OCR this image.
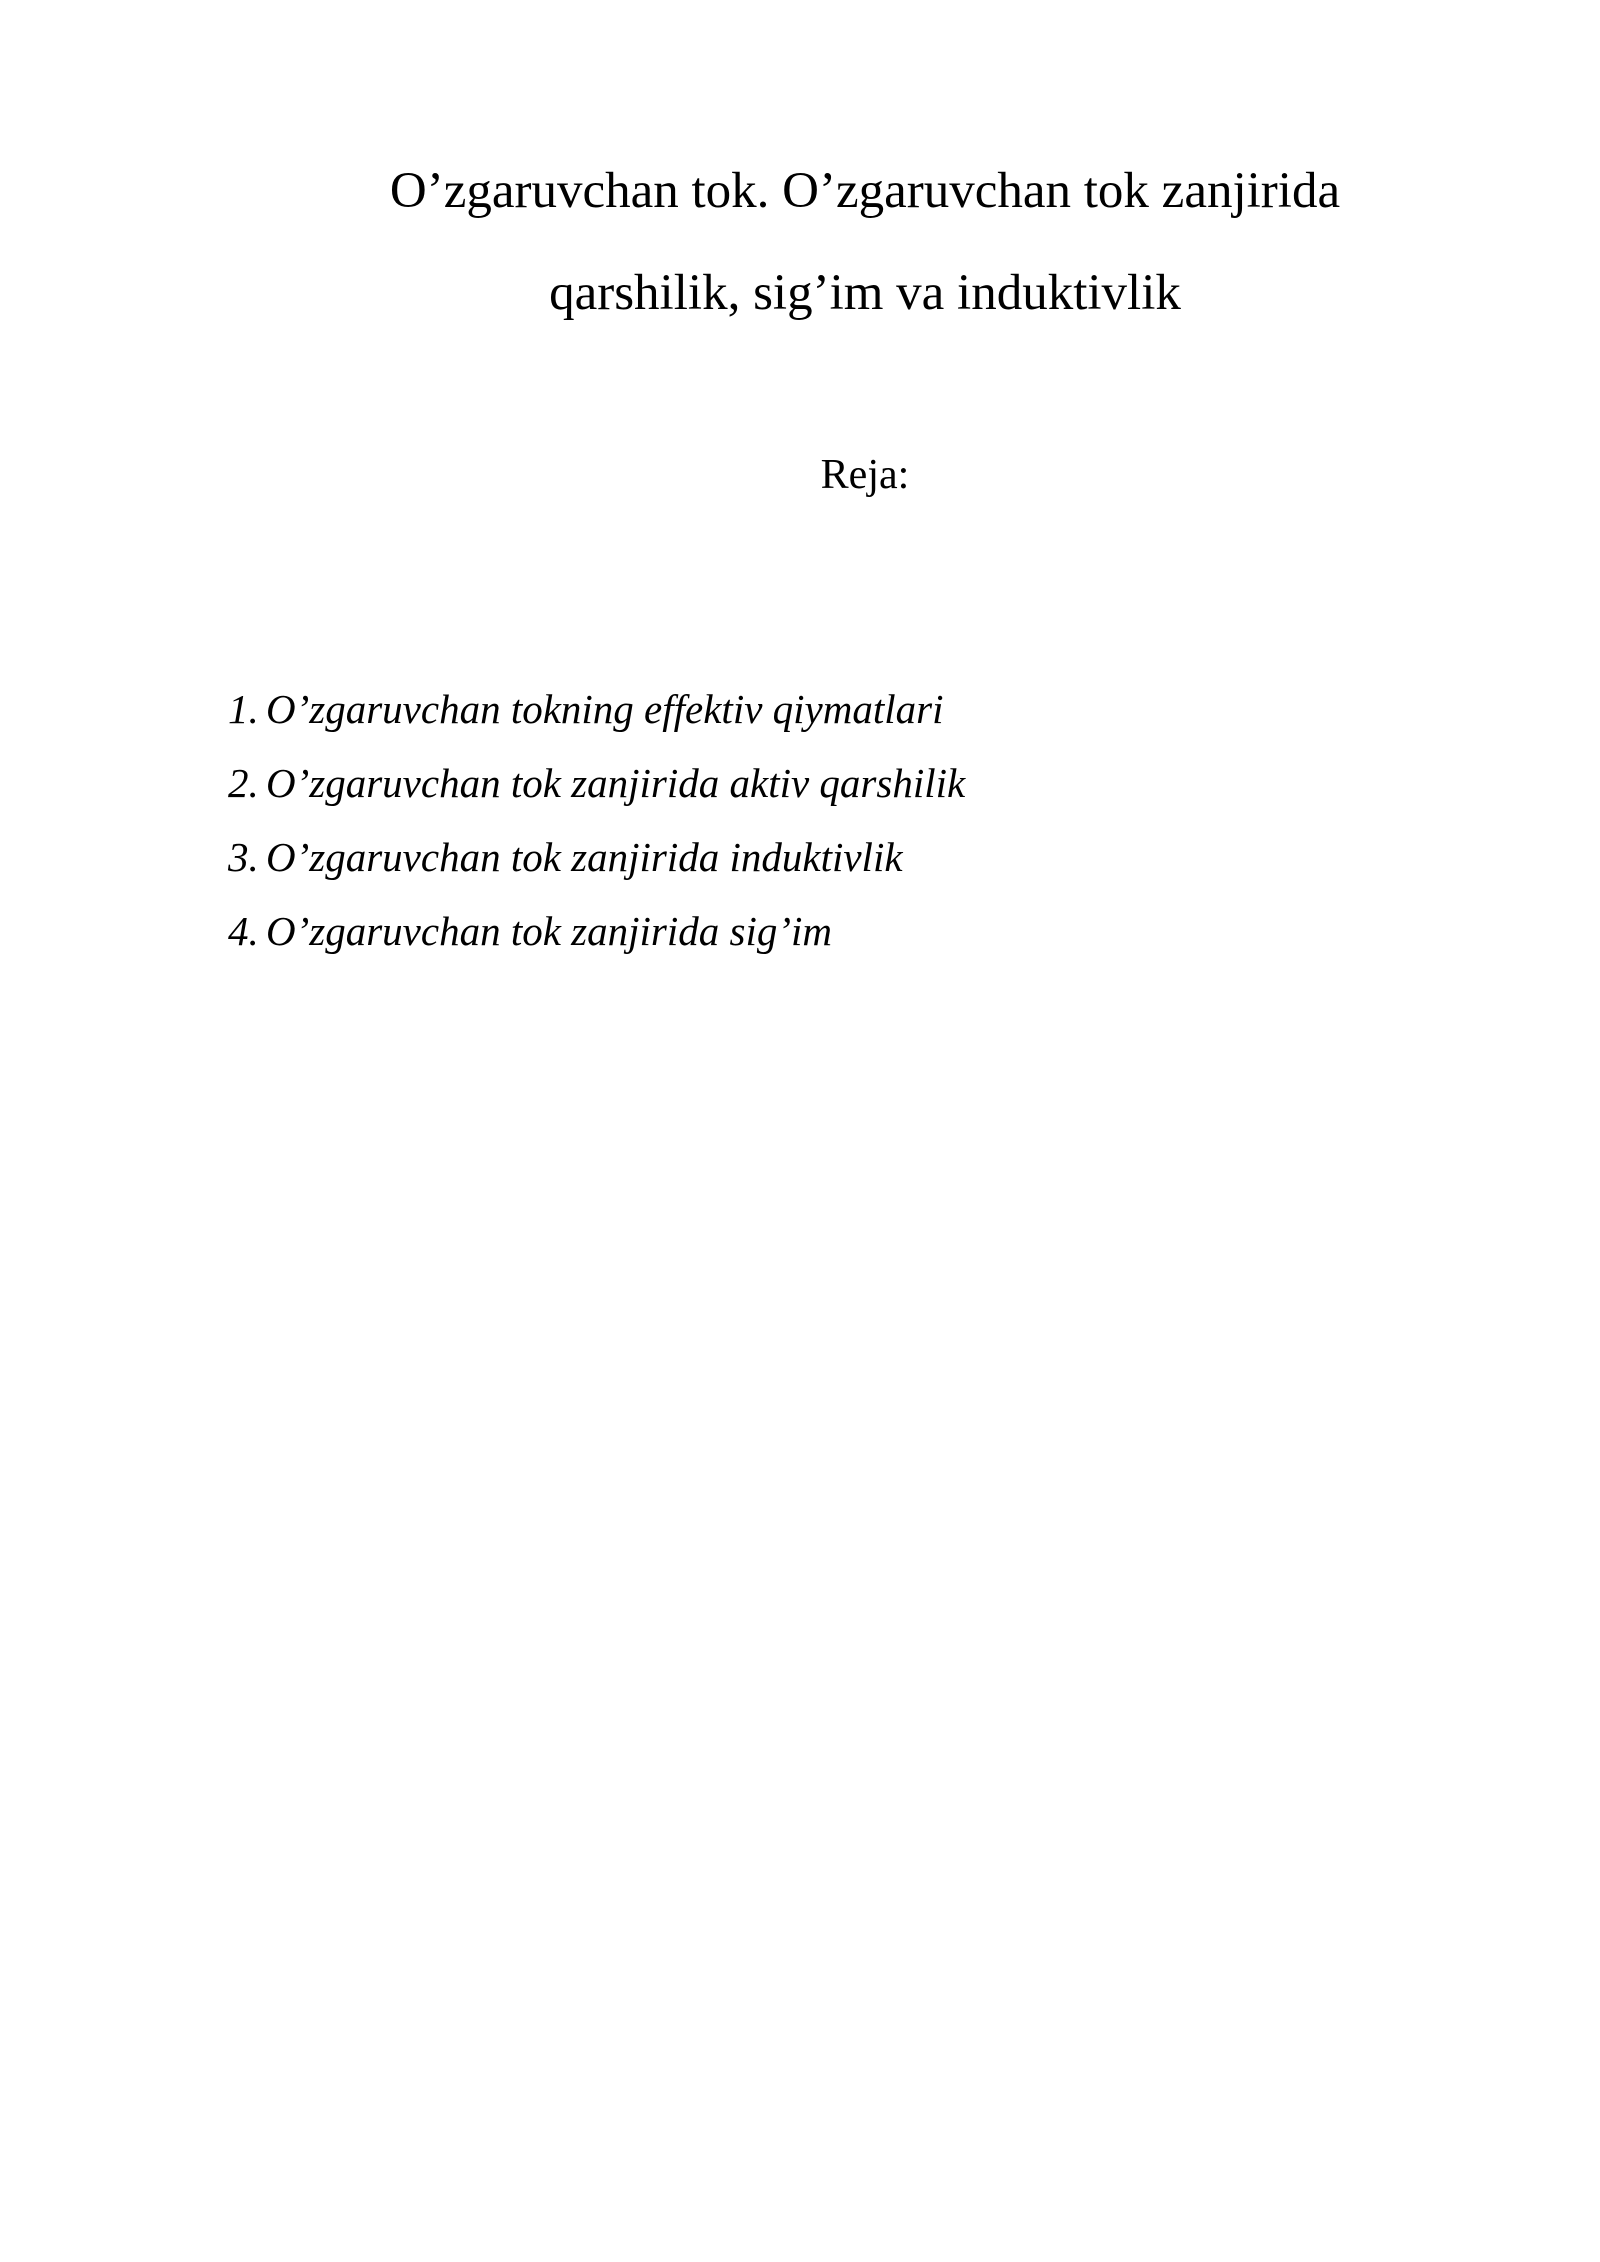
O’zgaruvchan tok. O’zgaruvchan tok zanjirida
qarshilik, sig’im va induktivlik
Reja:
1. O’zgaruvchan tokning effektiv qiymatlari
2. O’zgaruvchan tok zanjirida aktiv qarshilik
3. O’zgaruvchan tok zanjirida induktivlik
4. O’zgaruvchan tok zanjirida sig’im
